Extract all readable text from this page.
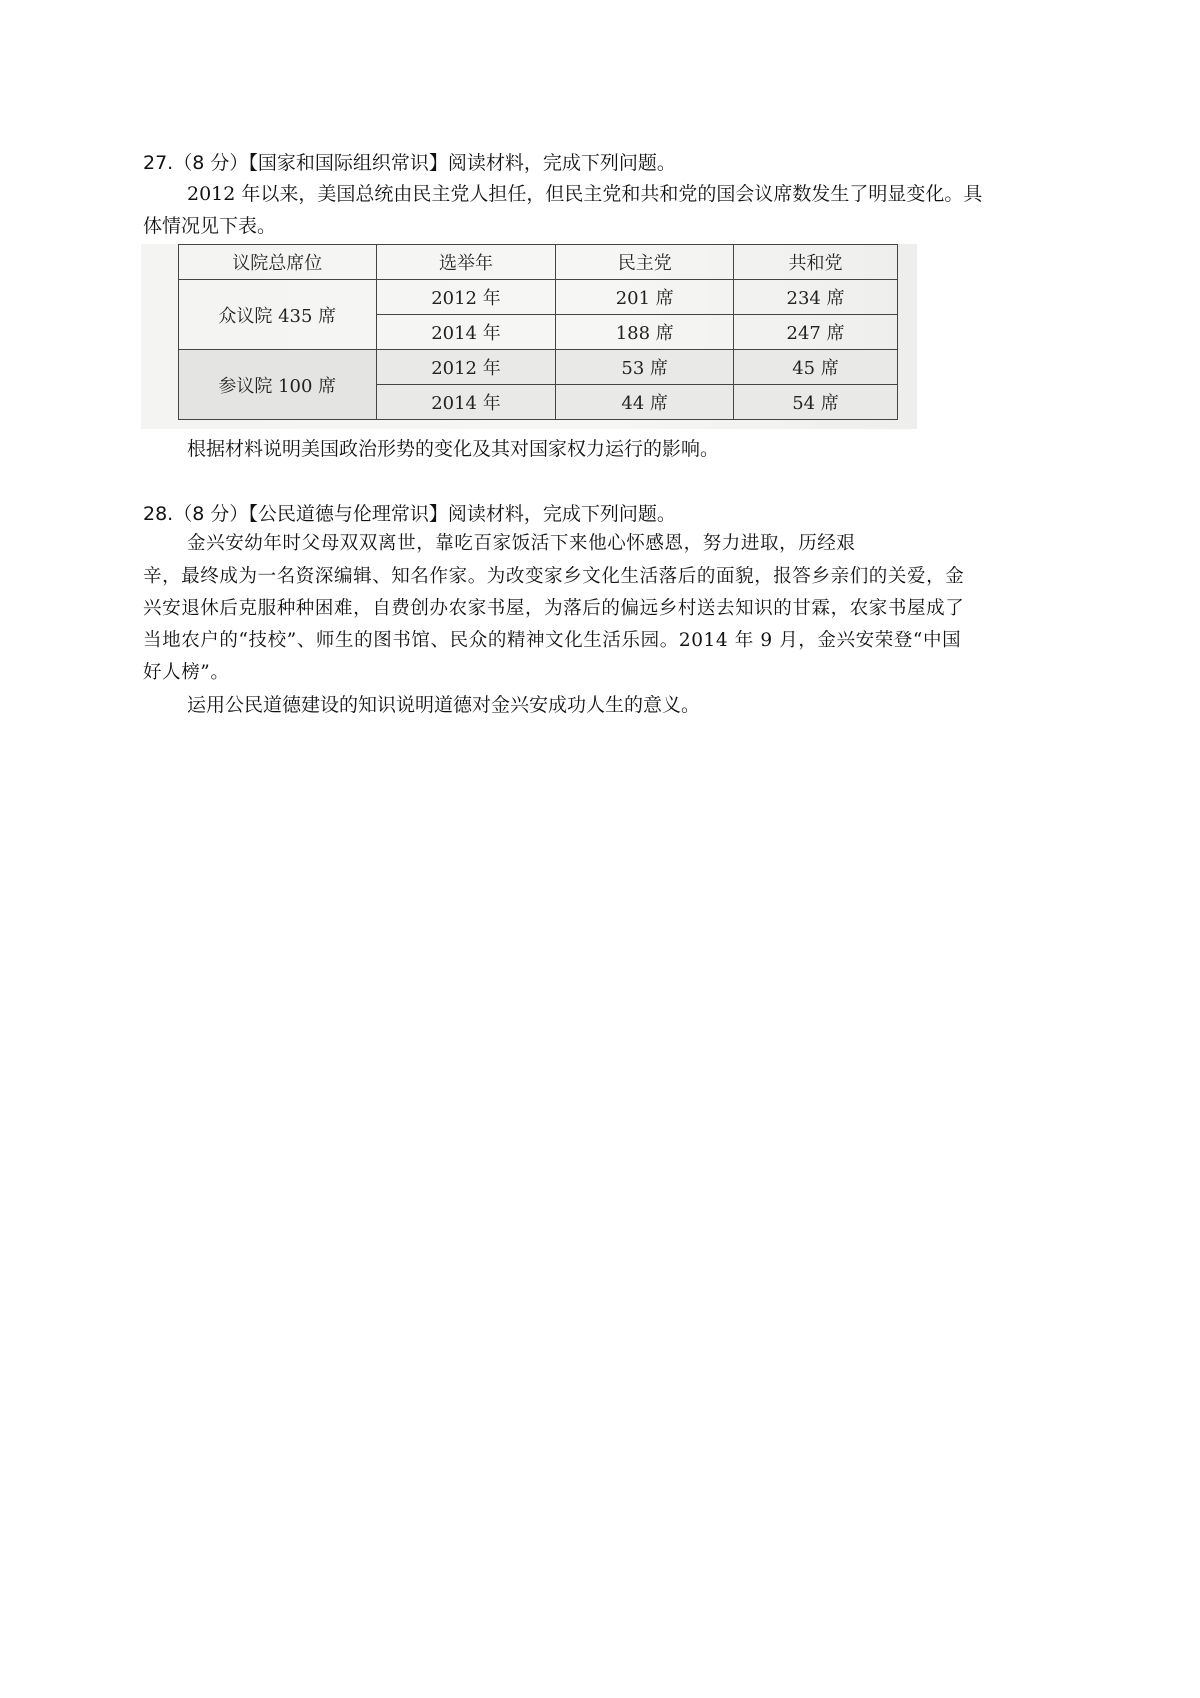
27.（8 分）【国家和国际组织常识】阅读材料，完成下列问题。
2012 年以来，美国总统由民主党人担任，但民主党和共和党的国会议席数发生了明显变化。具
体情况见下表。
议院总席位	选举年	民主党	共和党
众议院 435 席	2012 年	201 席	234 席
	2014 年	188 席	247 席
参议院 100 席	2012 年	53 席	45 席
	2014 年	44 席	54 席
根据材料说明美国政治形势的变化及其对国家权力运行的影响。
28.（8 分）【公民道德与伦理常识】阅读材料，完成下列问题。
金兴安幼年时父母双双离世，靠吃百家饭活下来他心怀感恩，努力进取，历经艰
辛，最终成为一名资深编辑、知名作家。为改变家乡文化生活落后的面貌，报答乡亲们的关爱，金
兴安退休后克服种种困难，自费创办农家书屋，为落后的偏远乡村送去知识的甘霖，农家书屋成了
当地农户的“技校”、师生的图书馆、民众的精神文化生活乐园。2014 年 9 月，金兴安荣登“中国
好人榜”。
运用公民道德建设的知识说明道德对金兴安成功人生的意义。
